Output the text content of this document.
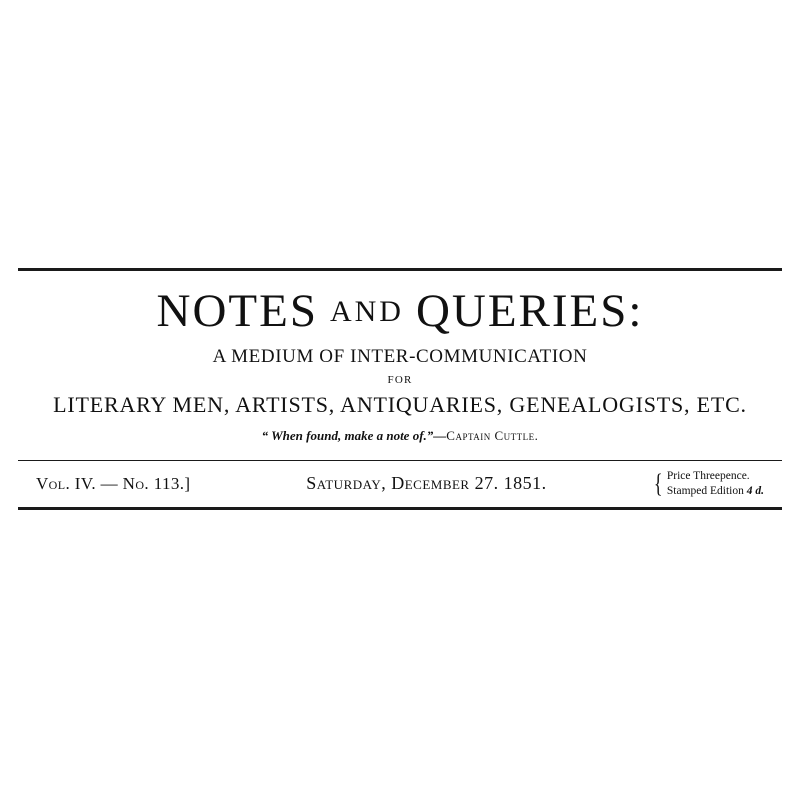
NOTES AND QUERIES:
A MEDIUM OF INTER-COMMUNICATION
FOR
LITERARY MEN, ARTISTS, ANTIQUARIES, GENEALOGISTS, ETC.
“ When found, make a note of.”—Captain Cuttle.
Vol. IV. — No. 113.]	Saturday, December 27. 1851.	{ Price Threepence.
Stamped Edition 4 d.
